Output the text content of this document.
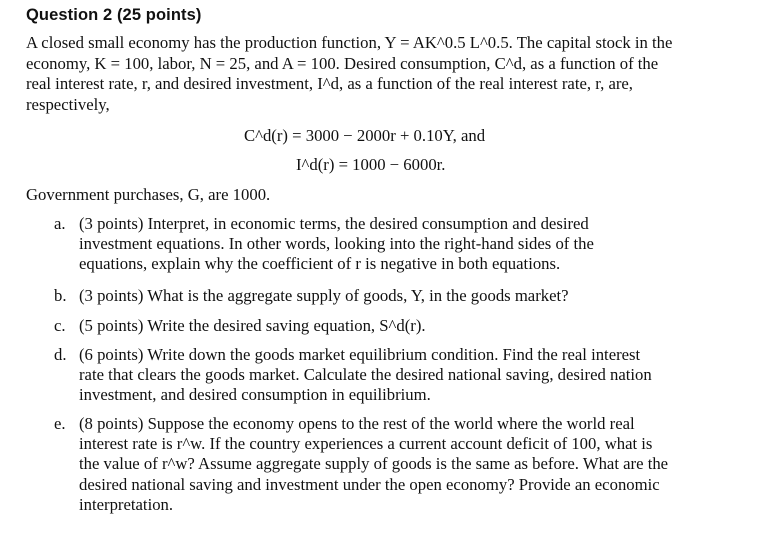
Question 2 (25 points)
A closed small economy has the production function, Y = AK^0.5 L^0.5. The capital stock in the
economy, K = 100, labor, N = 25, and A = 100. Desired consumption, C^d, as a function of the
real interest rate, r, and desired investment, I^d, as a function of the real interest rate, r, are,
respectively,
C^d(r) = 3000 − 2000r + 0.10Y, and
I^d(r) = 1000 − 6000r.
Government purchases, G, are 1000.
a. (3 points) Interpret, in economic terms, the desired consumption and desired
investment equations. In other words, looking into the right-hand sides of the
equations, explain why the coefficient of r is negative in both equations.
b. (3 points) What is the aggregate supply of goods, Y, in the goods market?
c. (5 points) Write the desired saving equation, S^d(r).
d. (6 points) Write down the goods market equilibrium condition. Find the real interest
rate that clears the goods market. Calculate the desired national saving, desired nation
investment, and desired consumption in equilibrium.
e. (8 points) Suppose the economy opens to the rest of the world where the world real
interest rate is r^w. If the country experiences a current account deficit of 100, what is
the value of r^w? Assume aggregate supply of goods is the same as before. What are the
desired national saving and investment under the open economy? Provide an economic
interpretation.
